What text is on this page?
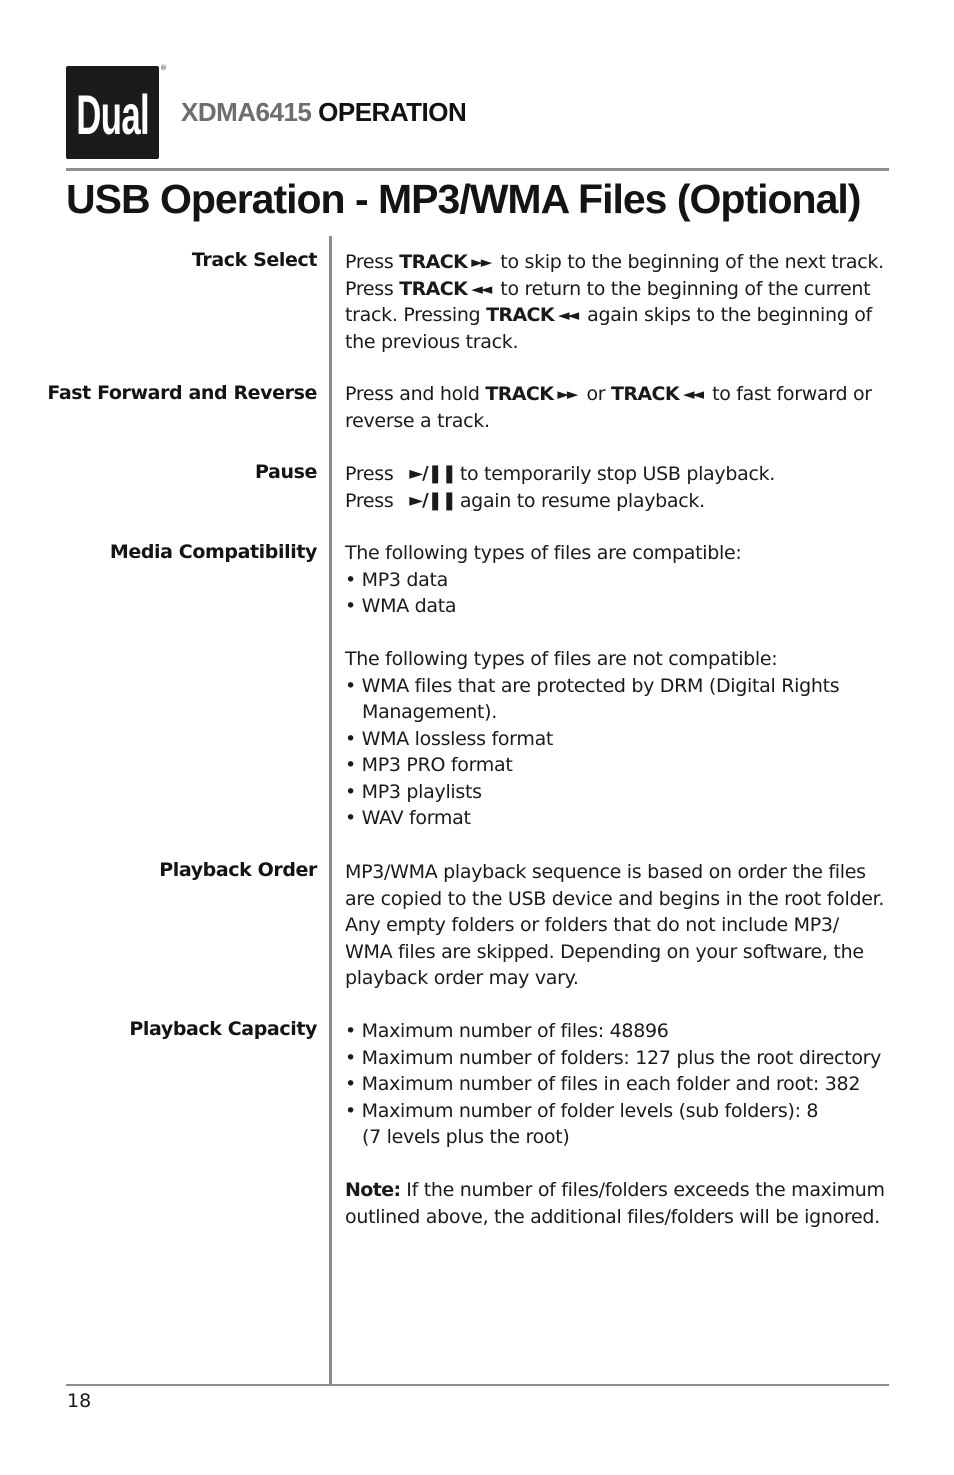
Dual
®
XDMA6415 OPERATION
USB Operation - MP3/WMA Files (Optional)
Track Select Press TRACK ►► to skip to the beginning of the next track. Press TRACK ◄◄ to return to the beginning of the current track. Pressing TRACK ◄◄ again skips to the beginning of the previous track.

Fast Forward and Reverse Press and hold TRACK ►► or TRACK ◄◄ to fast forward or reverse a track.

Pause Press ►/❚❚ to temporarily stop USB playback.

Press ►/❚❚ again to resume playback.

Media Compatibility The following types of files are compatible:

• MP3 data
• WMA data

The following types of files are not compatible:

• WMA files that are protected by DRM (Digital Rights Management).
• WMA lossless format
• MP3 PRO format
• MP3 playlists
• WAV format
Playback Order MP3/WMA playback sequence is based on order the files are copied to the USB device and begins in the root folder. Any empty folders or folders that do not include MP3/ WMA files are skipped. Depending on your software, the playback order may vary.

Playback Capacity • Maximum number of files: 48896
• Maximum number of folders: 127 plus the root directory
• Maximum number of files in each folder and root: 382
• Maximum number of folder levels (sub folders): 8 (7 levels plus the root)

Note: If the number of files/folders exceeds the maximum outlined above, the additional files/folders will be ignored.

18
